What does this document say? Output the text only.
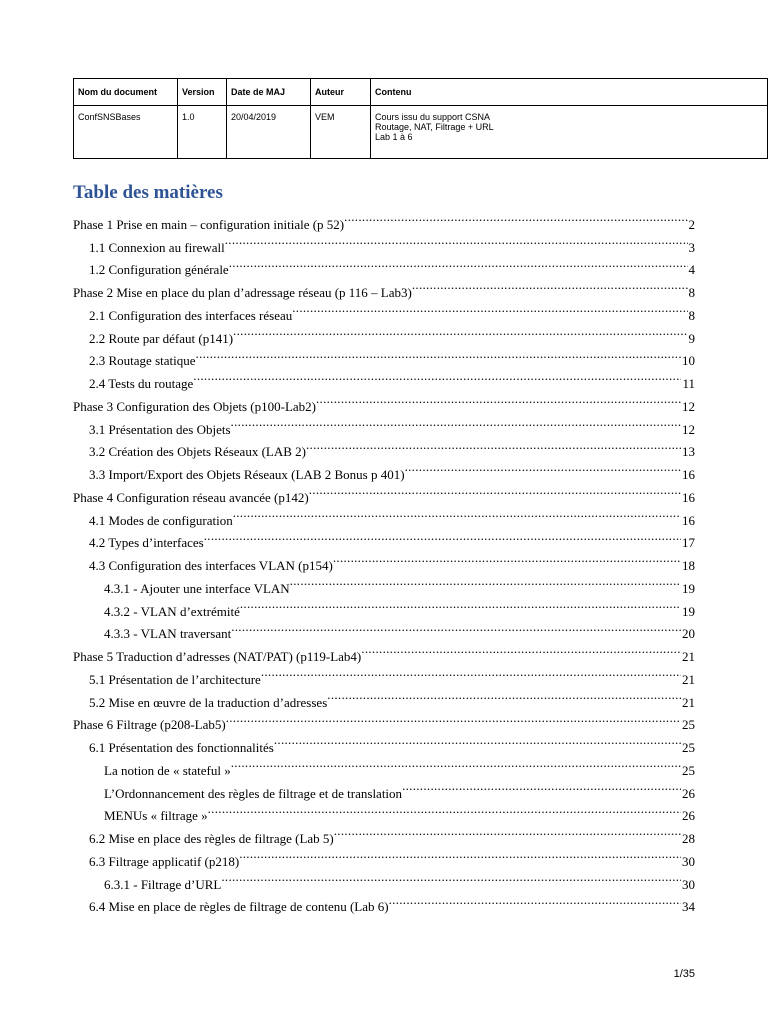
Nom du document	Version	Date de MAJ	Auteur	Contenu
ConfSNSBases	1.0	20/04/2019	VEM	Cours issu du support CSNA
Routage, NAT, Filtrage + URL
Lab 1 à 6
Table des matières
Phase 1 Prise en main – configuration initiale (p 52) .....	2
1.1 Connexion au firewall .....	3
1.2 Configuration générale .....	4
Phase 2 Mise en place du plan d’adressage réseau (p 116 – Lab3) .....	8
2.1 Configuration des interfaces réseau .....	8
2.2 Route par défaut (p141) .....	9
2.3 Routage statique .....	10
2.4 Tests du routage .....	11
Phase 3 Configuration des Objets (p100-Lab2) .....	12
3.1 Présentation des Objets .....	12
3.2 Création des Objets Réseaux (LAB 2) .....	13
3.3 Import/Export des Objets Réseaux (LAB 2 Bonus p 401) .....	16
Phase 4 Configuration réseau avancée (p142) .....	16
4.1 Modes de configuration .....	16
4.2 Types d’interfaces .....	17
4.3 Configuration des interfaces VLAN (p154) .....	18
4.3.1 - Ajouter une interface VLAN .....	19
4.3.2 - VLAN d’extrémité .....	19
4.3.3 - VLAN traversant .....	20
Phase 5 Traduction d’adresses (NAT/PAT) (p119-Lab4) .....	21
5.1 Présentation de l’architecture .....	21
5.2 Mise en œuvre de la traduction d’adresses .....	21
Phase 6 Filtrage (p208-Lab5) .....	25
6.1 Présentation des fonctionnalités .....	25
La notion de « stateful » .....	25
L’Ordonnancement des règles de filtrage et de translation .....	26
MENUs « filtrage » .....	26
6.2 Mise en place des règles de filtrage (Lab 5) .....	28
6.3 Filtrage applicatif (p218) .....	30
6.3.1 - Filtrage d’URL .....	30
6.4 Mise en place de règles de filtrage de contenu (Lab 6) .....	34
1/35
